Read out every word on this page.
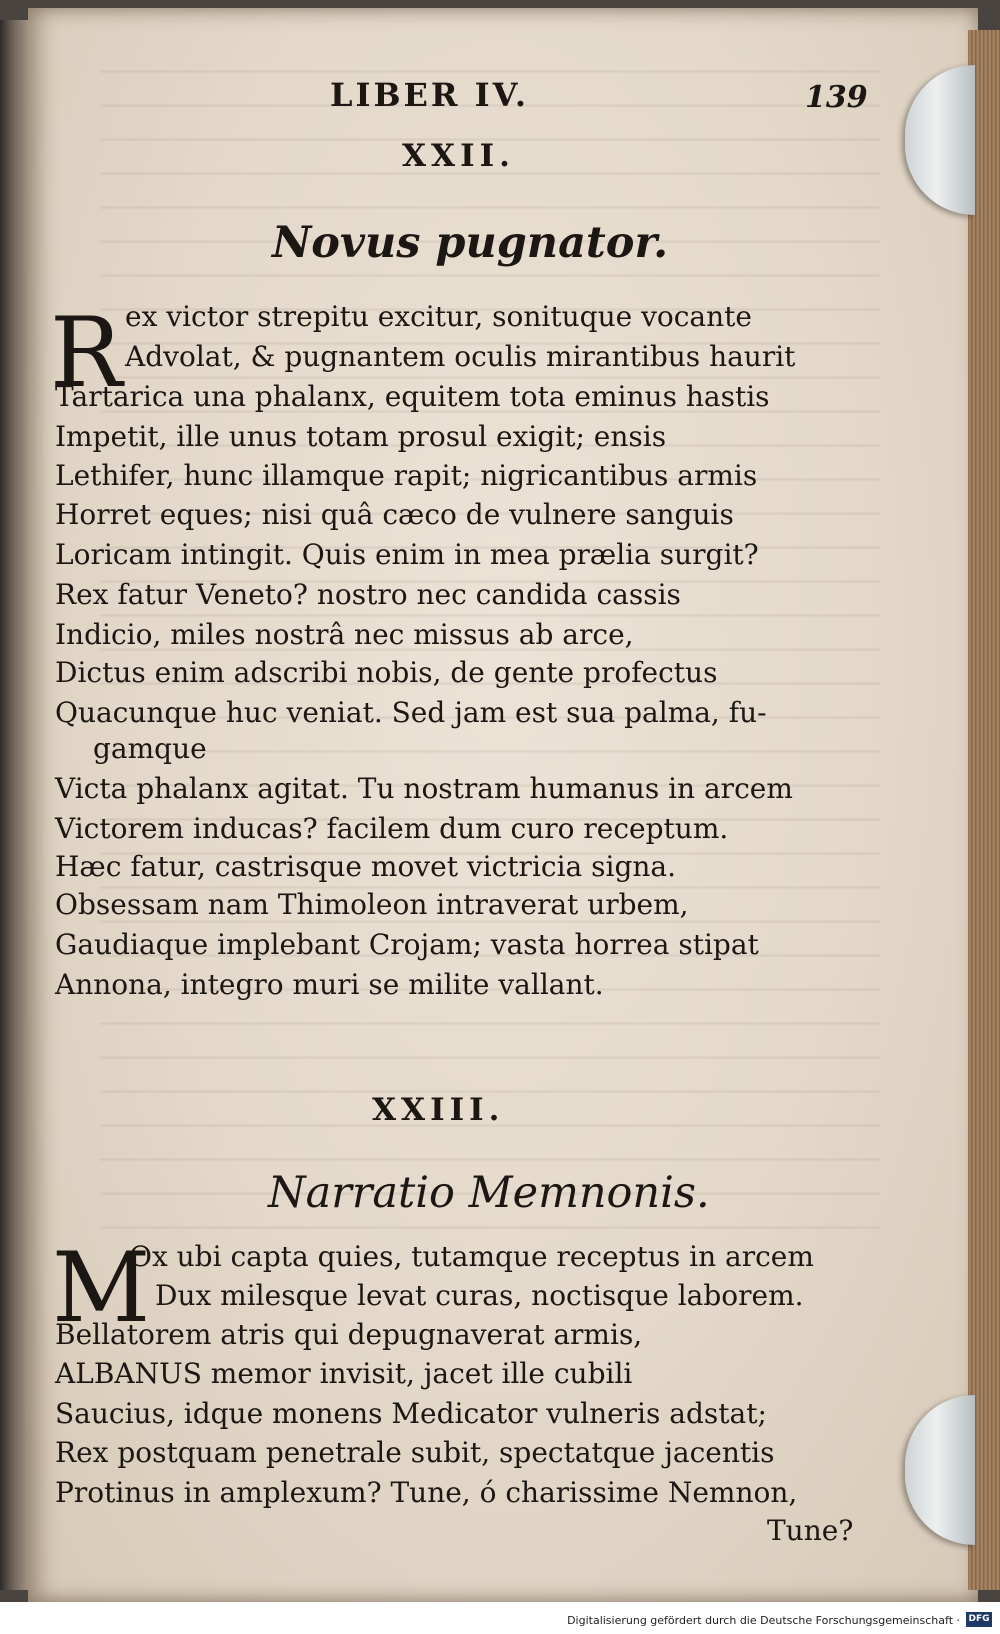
LIBER IV.	139
XXII.
Novus pugnator.
R ex victor strepitu excitur, sonituque vocante
Advolat, & pugnantem oculis mirantibus haurit
Tartarica una phalanx, equitem tota eminus hastis
Impetit, ille unus totam prosul exigit; ensis
Lethifer, hunc illamque rapit; nigricantibus armis
Horret eques; nisi quâ cæco de vulnere sanguis
Loricam intingit. Quis enim in mea prælia surgit?
Rex fatur Veneto? nostro nec candida cassis
Indicio, miles nostrâ nec missus ab arce,
Dictus enim adscribi nobis, de gente profectus
Quacunque huc veniat. Sed jam est sua palma, fu-
gamque
Victa phalanx agitat. Tu nostram humanus in arcem
Victorem inducas? facilem dum curo receptum.
Hæc fatur, castrisque movet victricia signa.
Obsessam nam Thimoleon intraverat urbem,
Gaudiaque implebant Crojam; vasta horrea stipat
Annona, integro muri se milite vallant.
XXIII.
Narratio Memnonis.
M
Ox ubi capta quies, tutamque receptus in arcem
Dux milesque levat curas, noctisque laborem.
Bellatorem atris qui depugnaverat armis,
ALBANUS memor invisit, jacet ille cubili
Saucius, idque monens Medicator vulneris adstat;
Rex postquam penetrale subit, spectatque jacentis
Protinus in amplexum? Tune, ó charissime Nemnon,
Tune?
Digitalisierung gefördert durch die Deutsche Forschungsgemeinschaft · DFG
